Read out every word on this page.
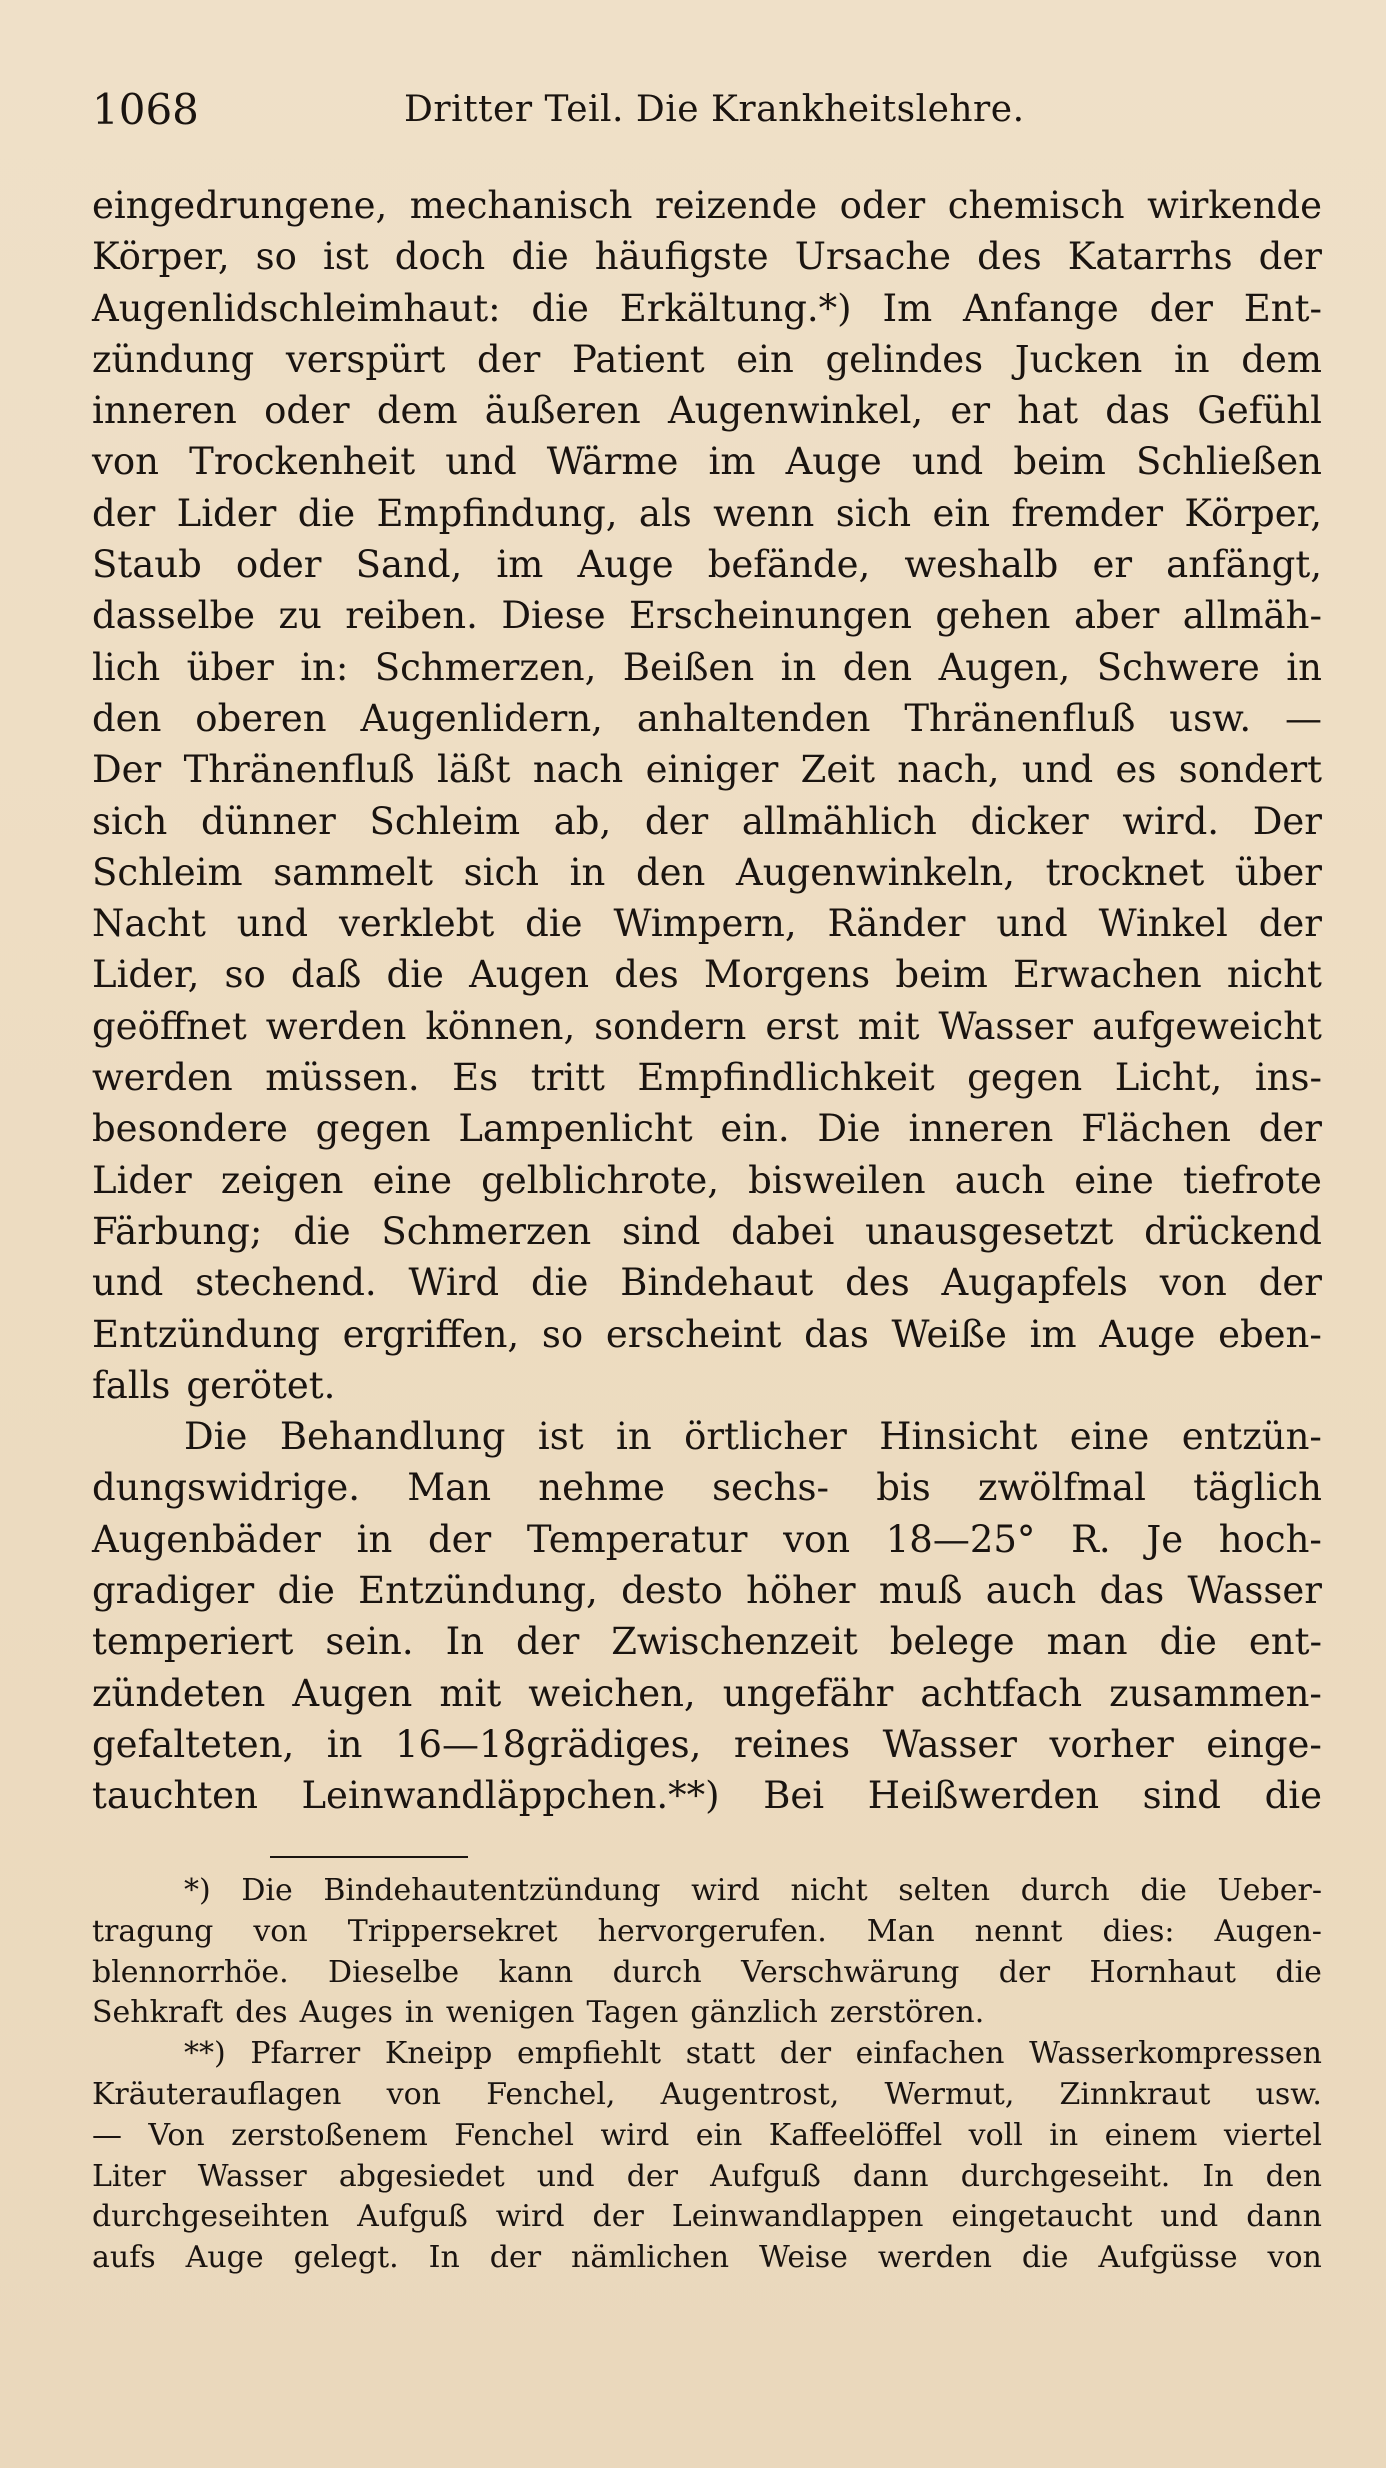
1068	Dritter Teil. Die Krankheitslehre.
eingedrungene, mechanisch reizende oder chemisch wirkende
Körper, so ist doch die häufigste Ursache des Katarrhs der
Augenlidschleimhaut: die Erkältung.*) Im Anfange der Ent-
zündung verspürt der Patient ein gelindes Jucken in dem
inneren oder dem äußeren Augenwinkel, er hat das Gefühl
von Trockenheit und Wärme im Auge und beim Schließen
der Lider die Empfindung, als wenn sich ein fremder Körper,
Staub oder Sand, im Auge befände, weshalb er anfängt,
dasselbe zu reiben. Diese Erscheinungen gehen aber allmäh-
lich über in: Schmerzen, Beißen in den Augen, Schwere in
den oberen Augenlidern, anhaltenden Thränenfluß usw. —
Der Thränenfluß läßt nach einiger Zeit nach, und es sondert
sich dünner Schleim ab, der allmählich dicker wird. Der
Schleim sammelt sich in den Augenwinkeln, trocknet über
Nacht und verklebt die Wimpern, Ränder und Winkel der
Lider, so daß die Augen des Morgens beim Erwachen nicht
geöffnet werden können, sondern erst mit Wasser aufgeweicht
werden müssen. Es tritt Empfindlichkeit gegen Licht, ins-
besondere gegen Lampenlicht ein. Die inneren Flächen der
Lider zeigen eine gelblichrote, bisweilen auch eine tiefrote
Färbung; die Schmerzen sind dabei unausgesetzt drückend
und stechend. Wird die Bindehaut des Augapfels von der
Entzündung ergriffen, so erscheint das Weiße im Auge eben-
falls gerötet.
Die Behandlung ist in örtlicher Hinsicht eine entzün-
dungswidrige. Man nehme sechs- bis zwölfmal täglich
Augenbäder in der Temperatur von 18—25° R. Je hoch-
gradiger die Entzündung, desto höher muß auch das Wasser
temperiert sein. In der Zwischenzeit belege man die ent-
zündeten Augen mit weichen, ungefähr achtfach zusammen-
gefalteten, in 16—18grädiges, reines Wasser vorher einge-
tauchten Leinwandläppchen.**) Bei Heißwerden sind die
*) Die Bindehautentzündung wird nicht selten durch die Ueber-
tragung von Trippersekret hervorgerufen. Man nennt dies: Augen-
blennorrhöe. Dieselbe kann durch Verschwärung der Hornhaut die
Sehkraft des Auges in wenigen Tagen gänzlich zerstören.
**) Pfarrer Kneipp empfiehlt statt der einfachen Wasserkompressen
Kräuterauflagen von Fenchel, Augentrost, Wermut, Zinnkraut usw.
— Von zerstoßenem Fenchel wird ein Kaffeelöffel voll in einem viertel
Liter Wasser abgesiedet und der Aufguß dann durchgeseiht. In den
durchgeseihten Aufguß wird der Leinwandlappen eingetaucht und dann
aufs Auge gelegt. In der nämlichen Weise werden die Aufgüsse von
